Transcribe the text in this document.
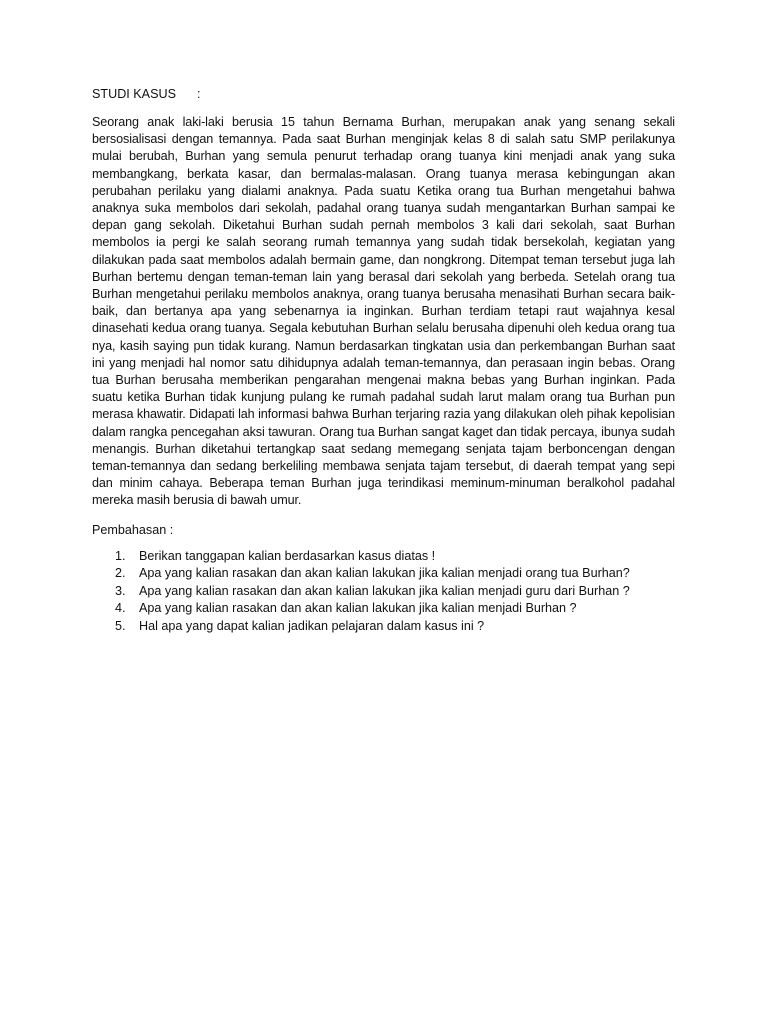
STUDI KASUS :

Seorang anak laki-laki berusia 15 tahun Bernama Burhan, merupakan anak yang senang sekali bersosialisasi dengan temannya. Pada saat Burhan menginjak kelas 8 di salah satu SMP perilakunya mulai berubah, Burhan yang semula penurut terhadap orang tuanya kini menjadi anak yang suka membangkang, berkata kasar, dan bermalas-malasan. Orang tuanya merasa kebingungan akan perubahan perilaku yang dialami anaknya. Pada suatu Ketika orang tua Burhan mengetahui bahwa anaknya suka membolos dari sekolah, padahal orang tuanya sudah mengantarkan Burhan sampai ke depan gang sekolah. Diketahui Burhan sudah pernah membolos 3 kali dari sekolah, saat Burhan membolos ia pergi ke salah seorang rumah temannya yang sudah tidak bersekolah, kegiatan yang dilakukan pada saat membolos adalah bermain game, dan nongkrong. Ditempat teman tersebut juga lah Burhan bertemu dengan teman-teman lain yang berasal dari sekolah yang berbeda. Setelah orang tua Burhan mengetahui perilaku membolos anaknya, orang tuanya berusaha menasihati Burhan secara baik-baik, dan bertanya apa yang sebenarnya ia inginkan. Burhan terdiam tetapi raut wajahnya kesal dinasehati kedua orang tuanya. Segala kebutuhan Burhan selalu berusaha dipenuhi oleh kedua orang tua nya, kasih saying pun tidak kurang. Namun berdasarkan tingkatan usia dan perkembangan Burhan saat ini yang menjadi hal nomor satu dihidupnya adalah teman-temannya, dan perasaan ingin bebas. Orang tua Burhan berusaha memberikan pengarahan mengenai makna bebas yang Burhan inginkan. Pada suatu ketika Burhan tidak kunjung pulang ke rumah padahal sudah larut malam orang tua Burhan pun merasa khawatir. Didapati lah informasi bahwa Burhan terjaring razia yang dilakukan oleh pihak kepolisian dalam rangka pencegahan aksi tawuran. Orang tua Burhan sangat kaget dan tidak percaya, ibunya sudah menangis. Burhan diketahui tertangkap saat sedang memegang senjata tajam berboncengan dengan teman-temannya dan sedang berkeliling membawa senjata tajam tersebut, di daerah tempat yang sepi dan minim cahaya. Beberapa teman Burhan juga terindikasi meminum-minuman beralkohol padahal mereka masih berusia di bawah umur.

Pembahasan :
1.	Berikan tanggapan kalian berdasarkan kasus diatas !
2.	Apa yang kalian rasakan dan akan kalian lakukan jika kalian menjadi orang tua Burhan?
3.	Apa yang kalian rasakan dan akan kalian lakukan jika kalian menjadi guru dari Burhan ?
4.	Apa yang kalian rasakan dan akan kalian lakukan jika kalian menjadi Burhan ?
5.	Hal apa yang dapat kalian jadikan pelajaran dalam kasus ini ?
